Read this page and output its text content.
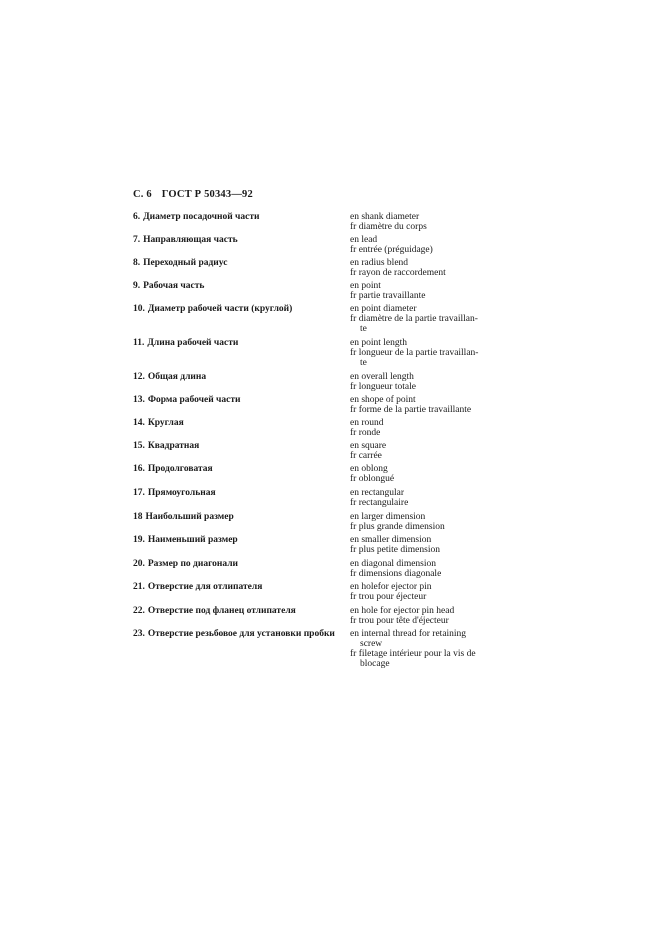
С. 6 ГОСТ Р 50343—92
6. Диаметр посадочной части	en shank diameter
fr diamètre du corps
7. Направляющая часть	en lead
fr entrée (préguidage)
8. Переходный радиус	en radius blend
fr rayon de raccordement
9. Рабочая часть	en point
fr partie travaillante
10. Диаметр рабочей части (круглой)	en point diameter
fr diamètre de la partie travaillan-
te
11. Длина рабочей части	en point length
fr longueur de la partie travaillan-
te
12. Общая длина	en overall length
fr longueur totale
13. Форма рабочей части	en shope of point
fr forme de la partie travaillante
14. Круглая	en round
fr ronde
15. Квадратная	en square
fr carrée
16. Продолговатая	en oblong
fr oblongué
17. Прямоугольная	en rectangular
fr rectangulaire
18 Наибольший размер	en larger dimension
fr plus grande dimension
19. Наименьший размер	en smaller dimension
fr plus petite dimension
20. Размер по диагонали	en diagonal dimension
fr dimensions diagonale
21. Отверстие для отлипателя	en holefor ejector pin
fr trou pour éjecteur
22. Отверстие под фланец отлипателя	en hole for ejector pin head
fr trou pour tête d'éjecteur
23. Отверстие резьбовое для установки пробки	en internal thread for retaining
screw
fr filetage intérieur pour la vis de
blocage
